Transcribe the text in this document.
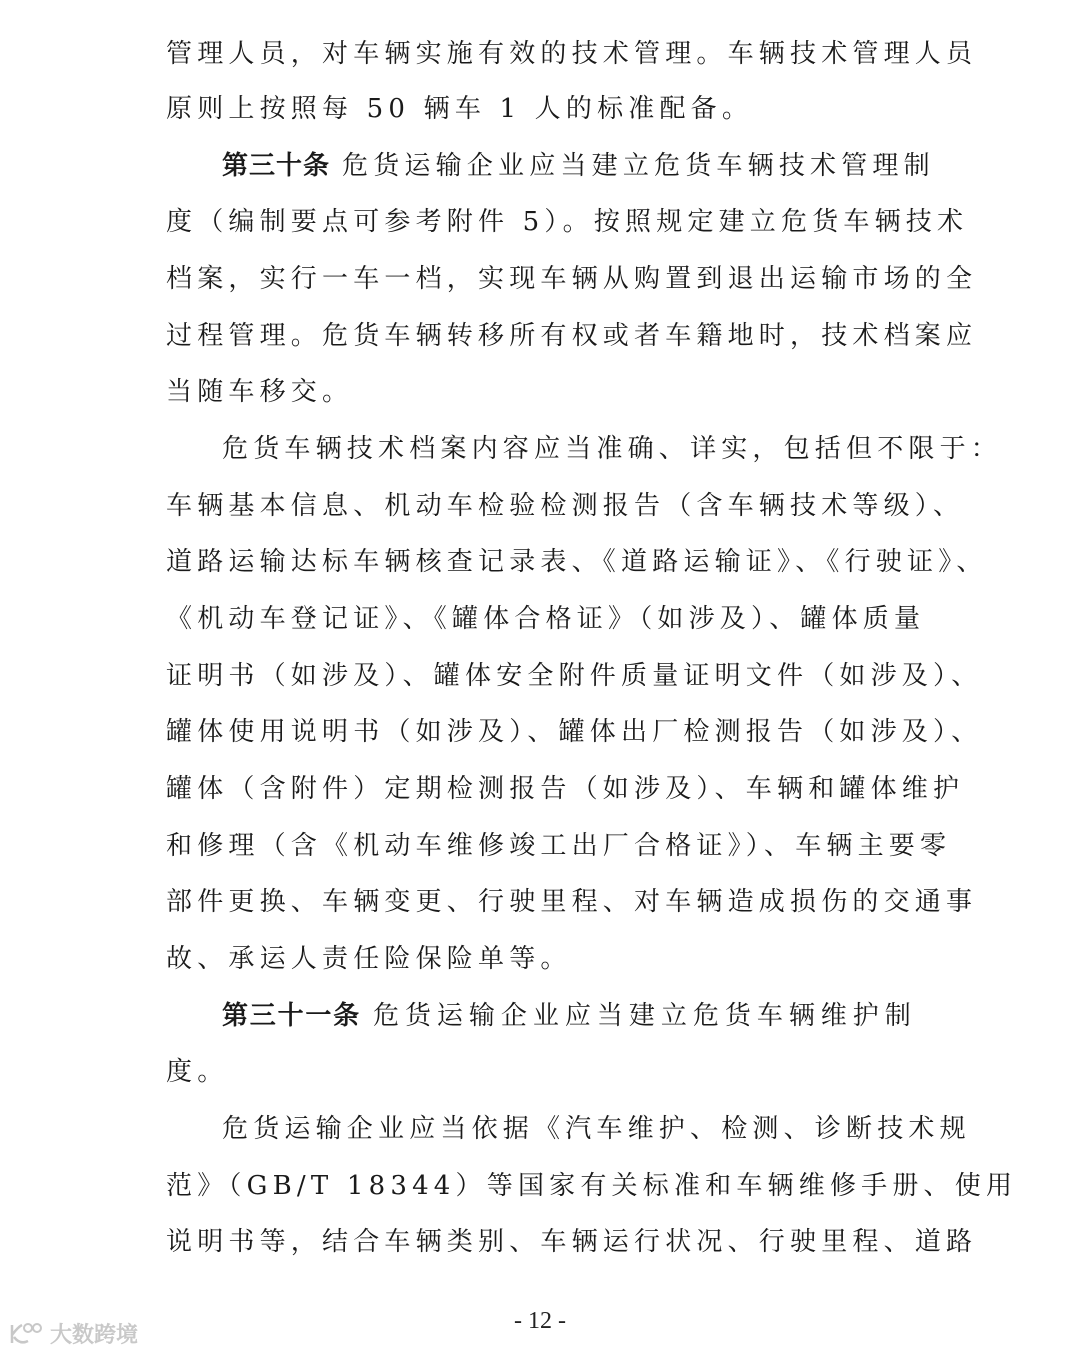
管理人员，对车辆实施有效的技术管理。车辆技术管理人员
原则上按照每 50 辆车 1 人的标准配备。
第三十条 危货运输企业应当建立危货车辆技术管理制
度（编制要点可参考附件 5）。按照规定建立危货车辆技术
档案，实行一车一档，实现车辆从购置到退出运输市场的全
过程管理。危货车辆转移所有权或者车籍地时，技术档案应
当随车移交。
危货车辆技术档案内容应当准确、详实，包括但不限于：
车辆基本信息、机动车检验检测报告（含车辆技术等级）、
道路运输达标车辆核查记录表、《道路运输证》、《行驶证》、
《机动车登记证》、《罐体合格证》（如涉及）、罐体质量
证明书（如涉及）、罐体安全附件质量证明文件（如涉及）、
罐体使用说明书（如涉及）、罐体出厂检测报告（如涉及）、
罐体（含附件）定期检测报告（如涉及）、车辆和罐体维护
和修理（含《机动车维修竣工出厂合格证》）、车辆主要零
部件更换、车辆变更、行驶里程、对车辆造成损伤的交通事
故、承运人责任险保险单等。
第三十一条 危货运输企业应当建立危货车辆维护制
度。
危货运输企业应当依据《汽车维护、检测、诊断技术规
范》（GB/T 18344）等国家有关标准和车辆维修手册、使用
说明书等，结合车辆类别、车辆运行状况、行驶里程、道路
- 12 -
大数跨境
